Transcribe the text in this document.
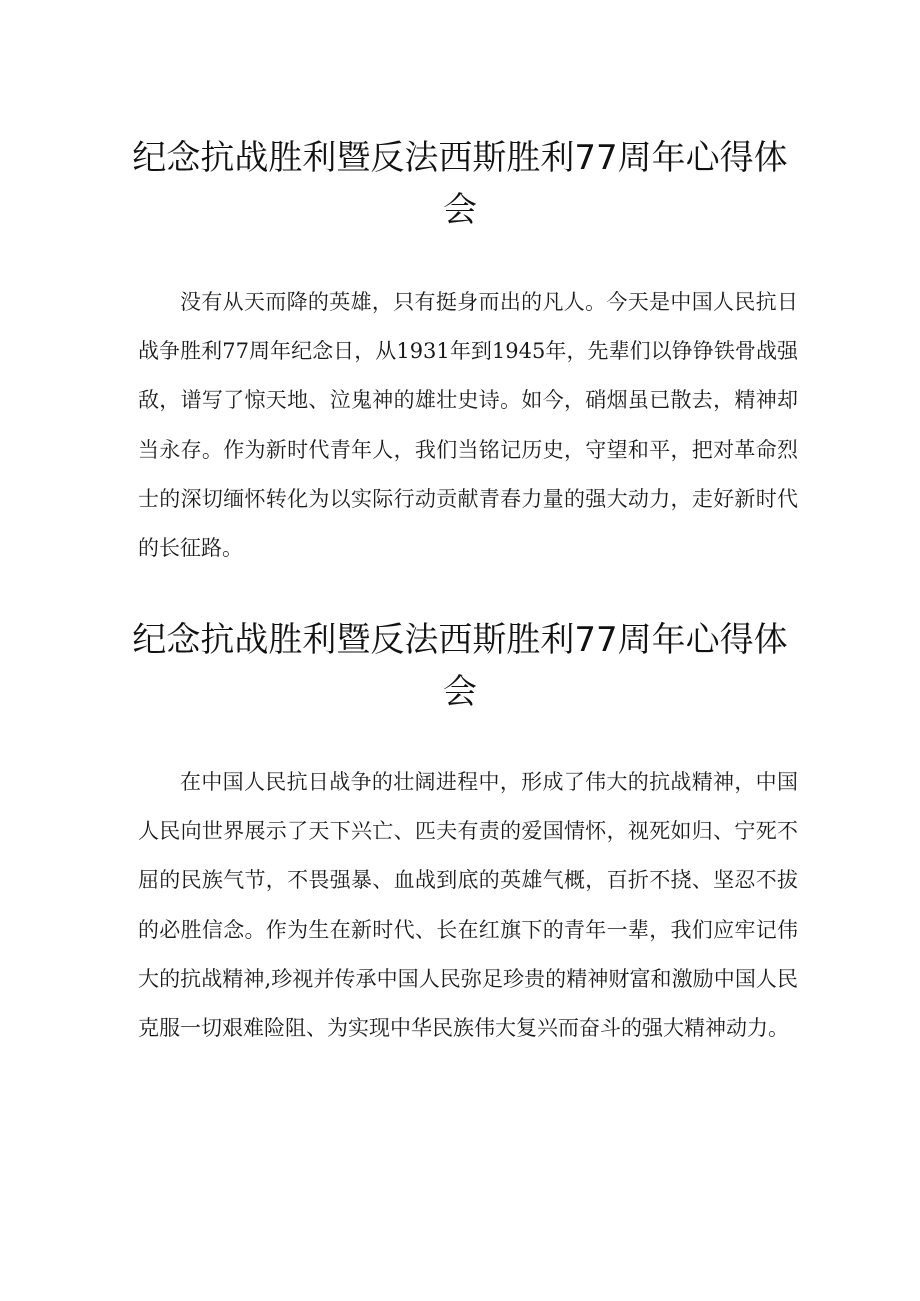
纪念抗战胜利暨反法西斯胜利77周年心得体会

没有从天而降的英雄，只有挺身而出的凡人。今天是中国人民抗日战争胜利77周年纪念日，从1931年到1945年，先辈们以铮铮铁骨战强敌，谱写了惊天地、泣鬼神的雄壮史诗。如今，硝烟虽已散去，精神却当永存。作为新时代青年人，我们当铭记历史，守望和平，把对革命烈士的深切缅怀转化为以实际行动贡献青春力量的强大动力，走好新时代的长征路。

纪念抗战胜利暨反法西斯胜利77周年心得体会

在中国人民抗日战争的壮阔进程中，形成了伟大的抗战精神，中国人民向世界展示了天下兴亡、匹夫有责的爱国情怀，视死如归、宁死不屈的民族气节，不畏强暴、血战到底的英雄气概，百折不挠、坚忍不拔的必胜信念。作为生在新时代、长在红旗下的青年一辈，我们应牢记伟大的抗战精神,珍视并传承中国人民弥足珍贵的精神财富和激励中国人民克服一切艰难险阻、为实现中华民族伟大复兴而奋斗的强大精神动力。
